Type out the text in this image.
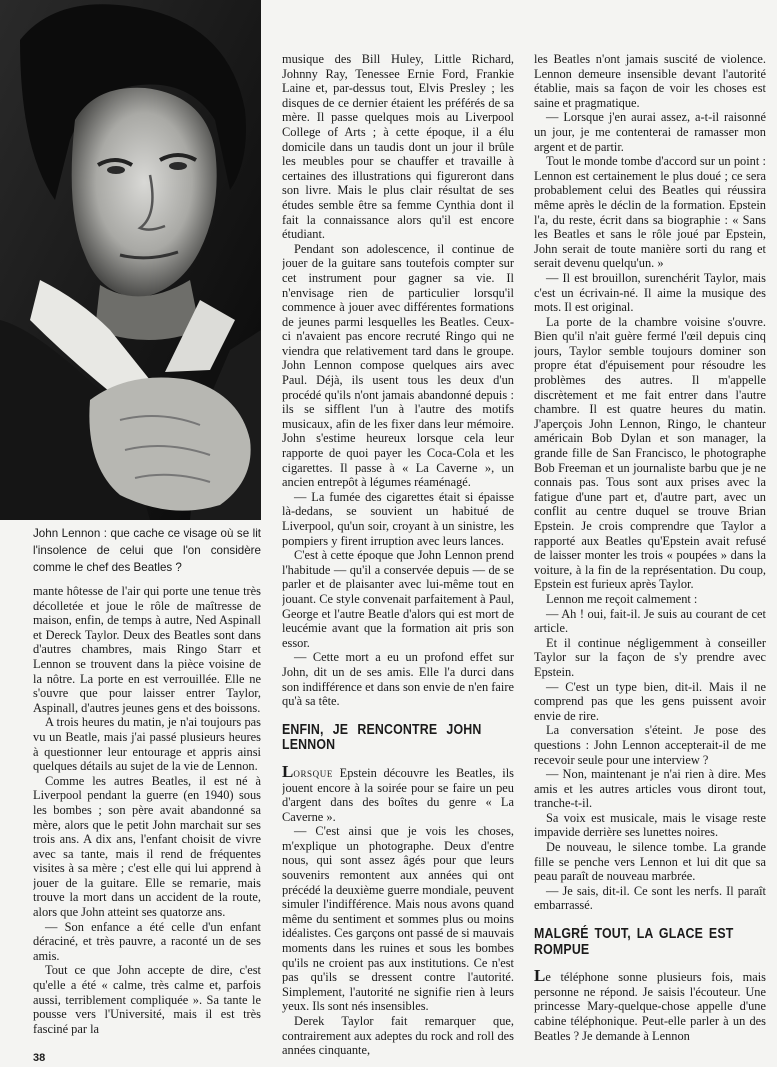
John Lennon : que cache ce visage où se lit l'insolence de celui que l'on considère comme le chef des Beatles ?

mante hôtesse de l'air qui porte une tenue très décolletée et joue le rôle de maîtresse de maison, enfin, de temps à autre, Ned Aspinall et Dereck Taylor. Deux des Beatles sont dans d'autres chambres, mais Ringo Starr et Lennon se trouvent dans la pièce voisine de la nôtre. La porte en est verrouillée. Elle ne s'ouvre que pour laisser entrer Taylor, Aspinall, d'autres jeunes gens et des boissons.

A trois heures du matin, je n'ai toujours pas vu un Beatle, mais j'ai passé plusieurs heures à questionner leur entourage et appris ainsi quelques détails au sujet de la vie de Lennon.

Comme les autres Beatles, il est né à Liverpool pendant la guerre (en 1940) sous les bombes ; son père avait abandonné sa mère, alors que le petit John marchait sur ses trois ans. A dix ans, l'enfant choisit de vivre avec sa tante, mais il rend de fréquentes visites à sa mère ; c'est elle qui lui apprend à jouer de la guitare. Elle se remarie, mais trouve la mort dans un accident de la route, alors que John atteint ses quatorze ans.

— Son enfance a été celle d'un enfant déraciné, et très pauvre, a raconté un de ses amis.

Tout ce que John accepte de dire, c'est qu'elle a été « calme, très calme et, parfois aussi, terriblement compliquée ». Sa tante le pousse vers l'Université, mais il est très fasciné par la

musique des Bill Huley, Little Richard, Johnny Ray, Tenessee Ernie Ford, Frankie Laine et, par-dessus tout, Elvis Presley ; les disques de ce dernier étaient les préférés de sa mère. Il passe quelques mois au Liverpool College of Arts ; à cette époque, il a élu domicile dans un taudis dont un jour il brûle les meubles pour se chauffer et travaille à certaines des illustrations qui figureront dans son livre. Mais le plus clair résultat de ses études semble être sa femme Cynthia dont il fait la connaissance alors qu'il est encore étudiant.

Pendant son adolescence, il continue de jouer de la guitare sans toutefois compter sur cet instrument pour gagner sa vie. Il n'envisage rien de particulier lorsqu'il commence à jouer avec différentes formations de jeunes parmi lesquelles les Beatles. Ceux-ci n'avaient pas encore recruté Ringo qui ne viendra que relativement tard dans le groupe. John Lennon compose quelques airs avec Paul. Déjà, ils usent tous les deux d'un procédé qu'ils n'ont jamais abandonné depuis : ils se sifflent l'un à l'autre des motifs musicaux, afin de les fixer dans leur mémoire. John s'estime heureux lorsque cela leur rapporte de quoi payer les Coca-Cola et les cigarettes. Il passe à « La Caverne », un ancien entrepôt à légumes réaménagé.

— La fumée des cigarettes était si épaisse là-dedans, se souvient un habitué de Liverpool, qu'un soir, croyant à un sinistre, les pompiers y firent irruption avec leurs lances.

C'est à cette époque que John Lennon prend l'habitude — qu'il a conservée depuis — de se parler et de plaisanter avec lui-même tout en jouant. Ce style convenait parfaitement à Paul, George et l'autre Beatle d'alors qui est mort de leucémie avant que la formation ait pris son essor.

— Cette mort a eu un profond effet sur John, dit un de ses amis. Elle l'a durci dans son indifférence et dans son envie de n'en faire qu'à sa tête.

ENFIN, JE RENCONTRE JOHN LENNON

Lorsque Epstein découvre les Beatles, ils jouent encore à la soirée pour se faire un peu d'argent dans des boîtes du genre « La Caverne ».

— C'est ainsi que je vois les choses, m'explique un photographe. Deux d'entre nous, qui sont assez âgés pour que leurs souvenirs remontent aux années qui ont précédé la deuxième guerre mondiale, peuvent simuler l'indifférence. Mais nous avons quand même du sentiment et sommes plus ou moins idéalistes. Ces garçons ont passé de si mauvais moments dans les ruines et sous les bombes qu'ils ne croient pas aux institutions. Ce n'est pas qu'ils se dressent contre l'autorité. Simplement, l'autorité ne signifie rien à leurs yeux. Ils sont nés insensibles.

Derek Taylor fait remarquer que, contrairement aux adeptes du rock and roll des années cinquante,

les Beatles n'ont jamais suscité de violence. Lennon demeure insensible devant l'autorité établie, mais sa façon de voir les choses est saine et pragmatique.

— Lorsque j'en aurai assez, a-t-il raisonné un jour, je me contenterai de ramasser mon argent et de partir.

Tout le monde tombe d'accord sur un point : Lennon est certainement le plus doué ; ce sera probablement celui des Beatles qui réussira même après le déclin de la formation. Epstein l'a, du reste, écrit dans sa biographie : « Sans les Beatles et sans le rôle joué par Epstein, John serait de toute manière sorti du rang et serait devenu quelqu'un. »

— Il est brouillon, surenchérit Taylor, mais c'est un écrivain-né. Il aime la musique des mots. Il est original.

La porte de la chambre voisine s'ouvre. Bien qu'il n'ait guère fermé l'œil depuis cinq jours, Taylor semble toujours dominer son propre état d'épuisement pour résoudre les problèmes des autres. Il m'appelle discrètement et me fait entrer dans l'autre chambre. Il est quatre heures du matin. J'aperçois John Lennon, Ringo, le chanteur américain Bob Dylan et son manager, la grande fille de San Francisco, le photographe Bob Freeman et un journaliste barbu que je ne connais pas. Tous sont aux prises avec la fatigue d'une part et, d'autre part, avec un conflit au centre duquel se trouve Brian Epstein. Je crois comprendre que Taylor a rapporté aux Beatles qu'Epstein avait refusé de laisser monter les trois « poupées » dans la voiture, à la fin de la représentation. Du coup, Epstein est furieux après Taylor.

Lennon me reçoit calmement :

— Ah ! oui, fait-il. Je suis au courant de cet article.

Et il continue négligemment à conseiller Taylor sur la façon de s'y prendre avec Epstein.

— C'est un type bien, dit-il. Mais il ne comprend pas que les gens puissent avoir envie de rire.

La conversation s'éteint. Je pose des questions : John Lennon accepterait-il de me recevoir seule pour une interview ?

— Non, maintenant je n'ai rien à dire. Mes amis et les autres articles vous diront tout, tranche-t-il.

Sa voix est musicale, mais le visage reste impavide derrière ses lunettes noires.

De nouveau, le silence tombe. La grande fille se penche vers Lennon et lui dit que sa peau paraît de nouveau marbrée.

— Je sais, dit-il. Ce sont les nerfs. Il paraît embarrassé.

MALGRÉ TOUT, LA GLACE EST ROMPUE

Le téléphone sonne plusieurs fois, mais personne ne répond. Je saisis l'écouteur. Une princesse Mary-quelque-chose appelle d'une cabine téléphonique. Peut-elle parler à un des Beatles ? Je demande à Lennon

38
